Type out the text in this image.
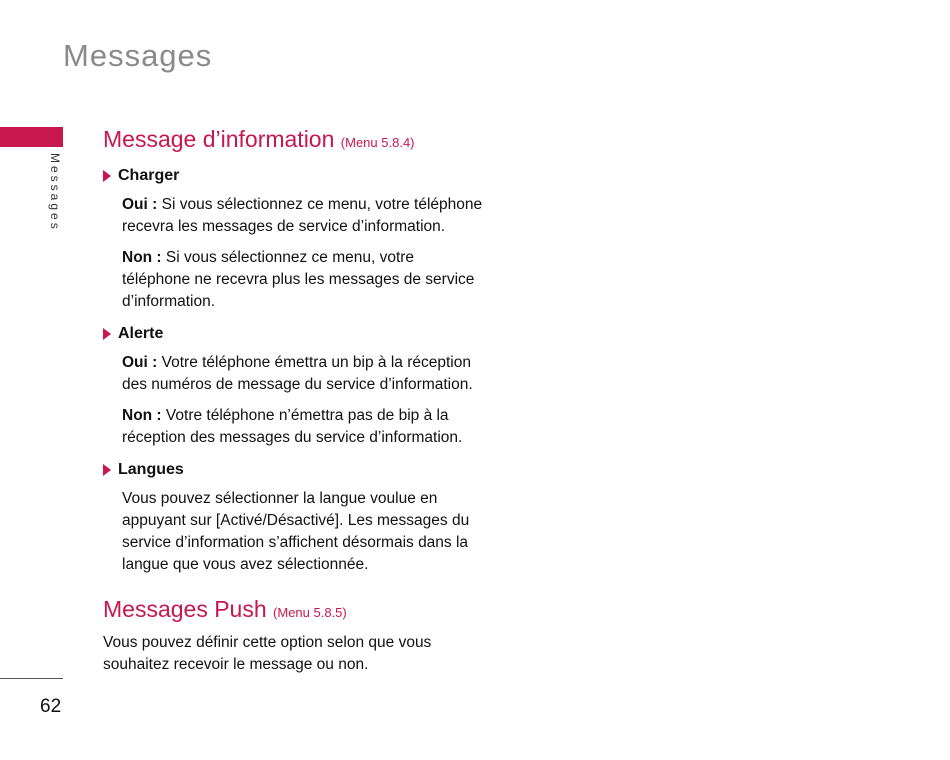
Messages
Messages
62
Message d’information (Menu 5.8.4)
Charger

Oui : Si vous sélectionnez ce menu, votre téléphone recevra les messages de service d’information.

Non : Si vous sélectionnez ce menu, votre téléphone ne recevra plus les messages de service d’information.

Alerte

Oui : Votre téléphone émettra un bip à la réception des numéros de message du service d’information.

Non : Votre téléphone n’émettra pas de bip à la réception des messages du service d’information.

Langues

Vous pouvez sélectionner la langue voulue en appuyant sur [Activé/Désactivé]. Les messages du service d’information s’affichent désormais dans la langue que vous avez sélectionnée.

Messages Push (Menu 5.8.5)

Vous pouvez définir cette option selon que vous souhaitez recevoir le message ou non.
